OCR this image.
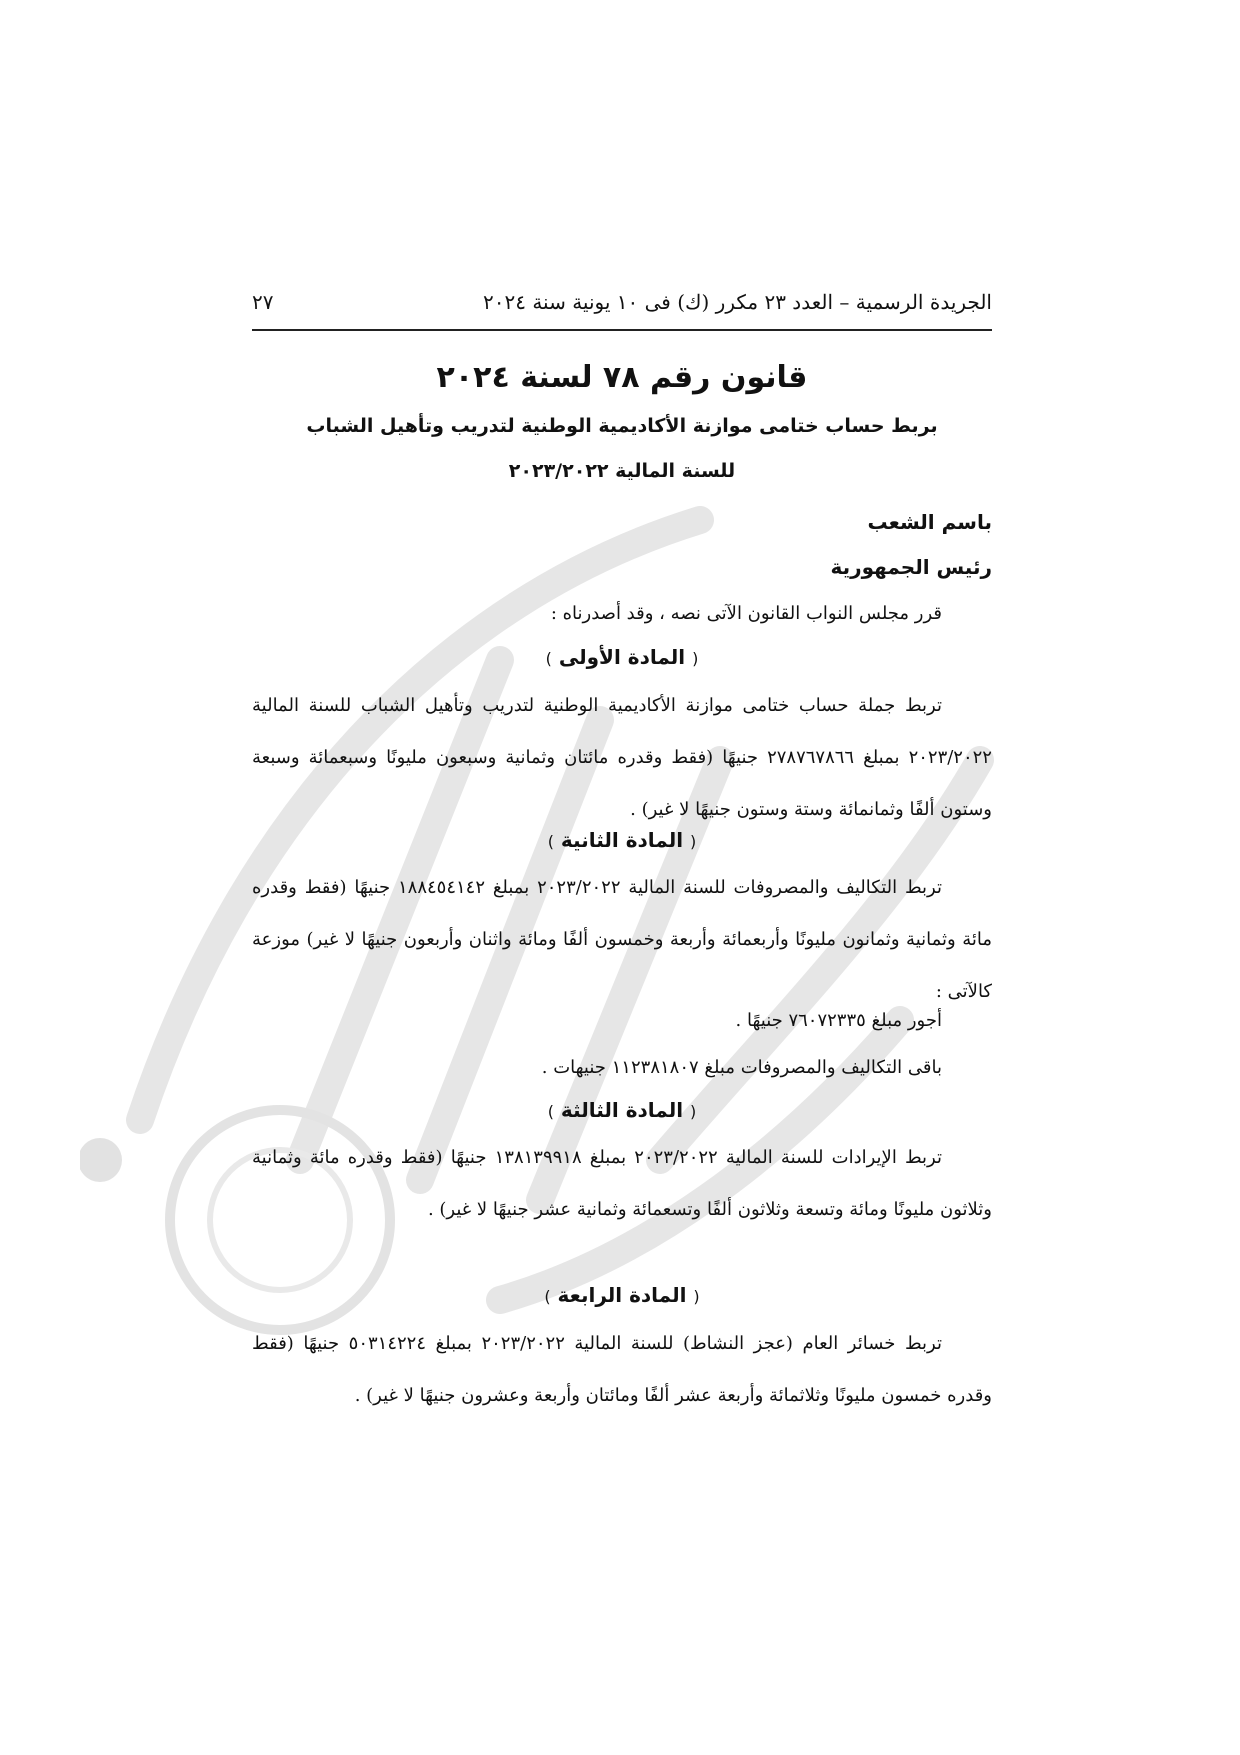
الجريدة الرسمية – العدد ٢٣ مكرر (ك) فى ١٠ يونية سنة ٢٠٢٤
٢٧
قانون رقم ٧٨ لسنة ٢٠٢٤
بربط حساب ختامى موازنة الأكاديمية الوطنية لتدريب وتأهيل الشباب
للسنة المالية ٢٠٢٣/٢٠٢٢
باسم الشعب
رئيس الجمهورية
قرر مجلس النواب القانون الآتى نصه ، وقد أصدرناه :
( المادة الأولى )

تربط جملة حساب ختامى موازنة الأكاديمية الوطنية لتدريب وتأهيل الشباب للسنة المالية ٢٠٢٣/٢٠٢٢ بمبلغ ٢٧٨٧٦٧٨٦٦ جنيهًا (فقط وقدره مائتان وثمانية وسبعون مليونًا وسبعمائة وسبعة وستون ألفًا وثمانمائة وستة وستون جنيهًا لا غير) .

( المادة الثانية )

تربط التكاليف والمصروفات للسنة المالية ٢٠٢٣/٢٠٢٢ بمبلغ ١٨٨٤٥٤١٤٢ جنيهًا (فقط وقدره مائة وثمانية وثمانون مليونًا وأربعمائة وأربعة وخمسون ألفًا ومائة واثنان وأربعون جنيهًا لا غير) موزعة كالآتى :

أجور مبلغ ٧٦٠٧٢٣٣٥ جنيهًا .
باقى التكاليف والمصروفات مبلغ ١١٢٣٨١٨٠٧ جنيهات .
( المادة الثالثة )

تربط الإيرادات للسنة المالية ٢٠٢٣/٢٠٢٢ بمبلغ ١٣٨١٣٩٩١٨ جنيهًا (فقط وقدره مائة وثمانية وثلاثون مليونًا ومائة وتسعة وثلاثون ألفًا وتسعمائة وثمانية عشر جنيهًا لا غير) .

( المادة الرابعة )

تربط خسائر العام (عجز النشاط) للسنة المالية ٢٠٢٣/٢٠٢٢ بمبلغ ٥٠٣١٤٢٢٤ جنيهًا (فقط وقدره خمسون مليونًا وثلاثمائة وأربعة عشر ألفًا ومائتان وأربعة وعشرون جنيهًا لا غير) .
